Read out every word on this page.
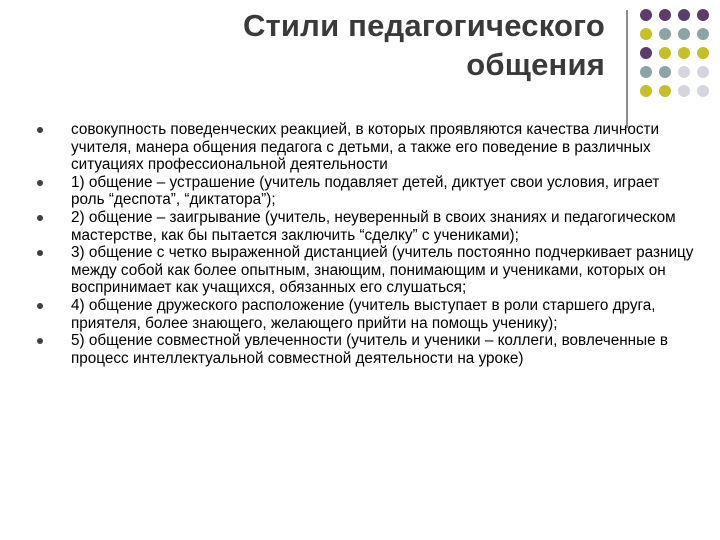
Стили педагогического
общения
совокупность поведенческих реакцией, в которых проявляются качества личности учителя, манера общения педагога с детьми, а также его поведение в различных ситуациях профессиональной деятельности
1) общение – устрашение (учитель подавляет детей, диктует свои условия, играет роль “деспота”, “диктатора”);
2) общение – заигрывание (учитель, неуверенный в своих знаниях и педагогическом мастерстве, как бы пытается заключить “сделку” с учениками);
3) общение с четко выраженной дистанцией (учитель постоянно подчеркивает разницу между собой как более опытным, знающим, понимающим и учениками, которых он воспринимает как учащихся, обязанных его слушаться;
4) общение дружеского расположение (учитель выступает в роли старшего друга, приятеля, более знающего, желающего прийти на помощь ученику);
5) общение совместной увлеченности (учитель и ученики – коллеги, вовлеченные в процесс интеллектуальной совместной деятельности на уроке)
